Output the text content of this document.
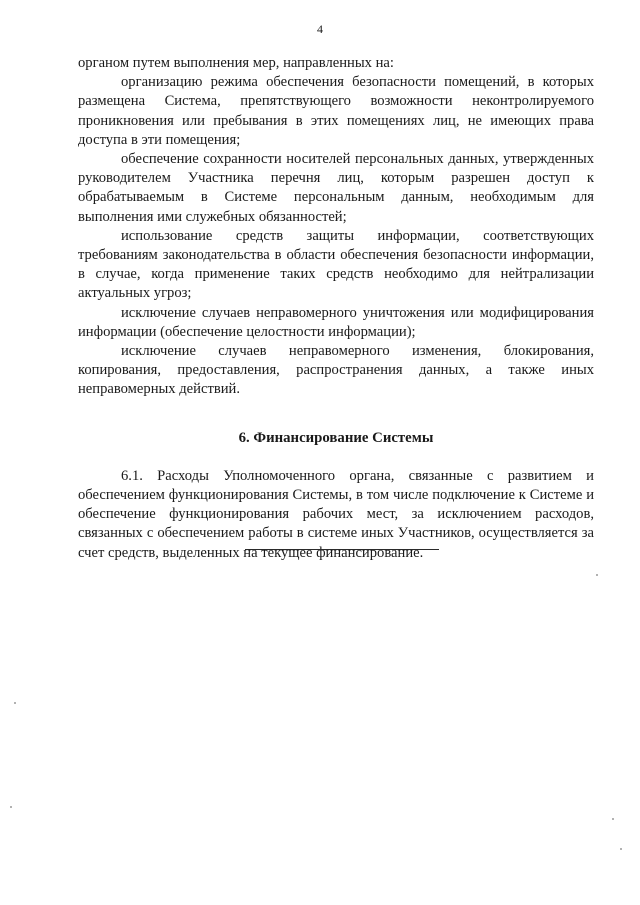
4

органом путем выполнения мер, направленных на:

организацию режима обеспечения безопасности помещений, в которых размещена Система, препятствующего возможности неконтролируемого проникновения или пребывания в этих помещениях лиц, не имеющих права доступа в эти помещения;

обеспечение сохранности носителей персональных данных, утвержденных руководителем Участника перечня лиц, которым разрешен доступ к обрабатываемым в Системе персональным данным, необходимым для выполнения ими служебных обязанностей;

использование средств защиты информации, соответствующих требованиям законодательства в области обеспечения безопасности информации, в случае, когда применение таких средств необходимо для нейтрализации актуальных угроз;

исключение случаев неправомерного уничтожения или модифицирования информации (обеспечение целостности информации);

исключение случаев неправомерного изменения, блокирования, копирования, предоставления, распространения данных, а также иных неправомерных действий.

6. Финансирование Системы

6.1. Расходы Уполномоченного органа, связанные с развитием и обеспечением функционирования Системы, в том числе подключение к Системе и обеспечение функционирования рабочих мест, за исключением расходов, связанных с обеспечением работы в системе иных Участников, осуществляется за счет средств, выделенных на текущее финансирование.
